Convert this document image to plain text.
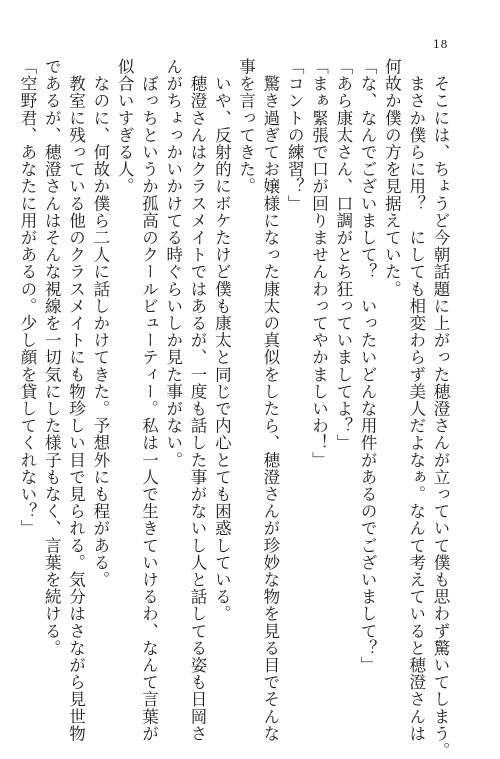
18
　そこには、ちょうど今朝話題に上がった穂澄さんが立っていて僕も思わず驚いてしまう。
　まさか僕らに用？　にしても相変わらず美人だよなぁ。なんて考えていると穂澄さんは
何故か僕の方を見据えていた。
「な、なんでございまして？　いったいどんな用件があるのでございまして？」
「あら康太さん、口調がとち狂っていましてよ？」
「まぁ緊張で口が回りませんわってやかましいわ！」
「コントの練習？」
　驚き過ぎてお嬢様になった康太の真似をしたら、穂澄さんが珍妙な物を見る目でそんな
事を言ってきた。
　いや、反射的にボケたけど僕も康太と同じで内心とても困惑している。
　穂澄さんはクラスメイトではあるが、一度も話した事がないし人と話してる姿も日岡さ
んがちょっかいかけてる時ぐらいしか見た事がない。
　ぼっちというか孤高のクールビューティー。私は一人で生きていけるわ、なんて言葉が
似合いすぎる人。
　なのに、何故か僕ら二人に話しかけてきた。予想外にも程がある。
　教室に残っている他のクラスメイトにも物珍しい目で見られる。気分はさながら見世物
であるが、穂澄さんはそんな視線を一切気にした様子もなく、言葉を続ける。
「空野君、あなたに用があるの。少し顔を貸してくれない？」
